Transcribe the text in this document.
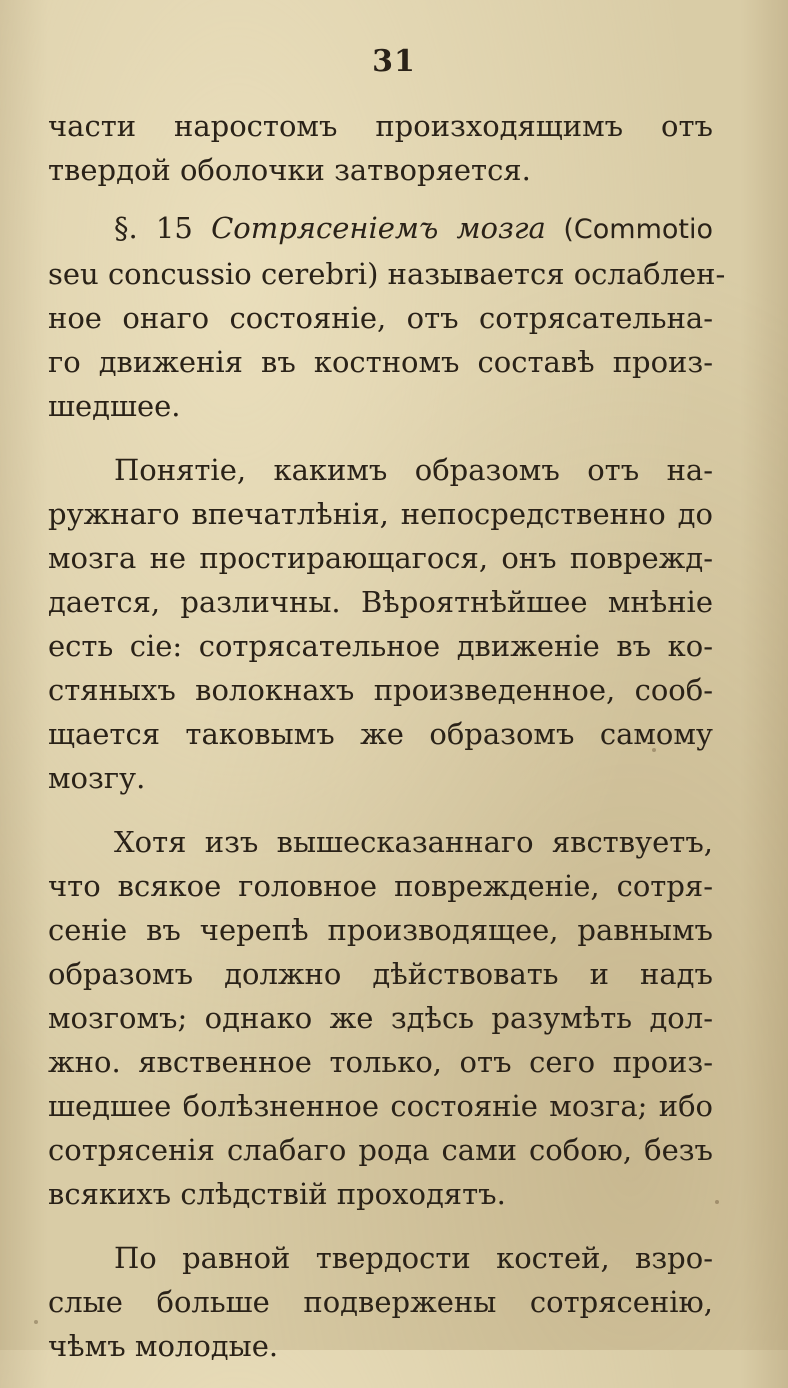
31

части наростомъ произходящимъ отъ
твердой оболочки затворяется.

§. 15 Сотрясеніемъ мозга (Commotio
seu concussio cerebri) называется ослаблен-
ное онаго состояніе, отъ сотрясательна-
го движенія въ костномъ составѣ произ-
шедшее.

Понятіе, какимъ образомъ отъ на-
ружнаго впечатлѣнія, непосредственно до
мозга не простирающагося, онъ поврежд-
дается, различны. Вѣроятнѣйшее мнѣніе
есть сіе: сотрясательное движеніе въ ко-
стяныхъ волокнахъ произведенное, сооб-
щается таковымъ же образомъ самому
мозгу.

Хотя изъ вышесказаннаго явствуетъ,
что всякое головное поврежденіе, сотря-
сеніе въ черепѣ производящее, равнымъ
образомъ должно дѣйствовать и надъ
мозгомъ; однако же здѣсь разумѣть дол-
жно. явственное только, отъ сего произ-
шедшее болѣзненное состояніе мозга; ибо
сотрясенія слабаго рода сами собою, безъ
всякихъ слѣдствій проходятъ.

По равной твердости костей, взро-
слые больше подвержены сотрясенію,
чѣмъ молодые.
